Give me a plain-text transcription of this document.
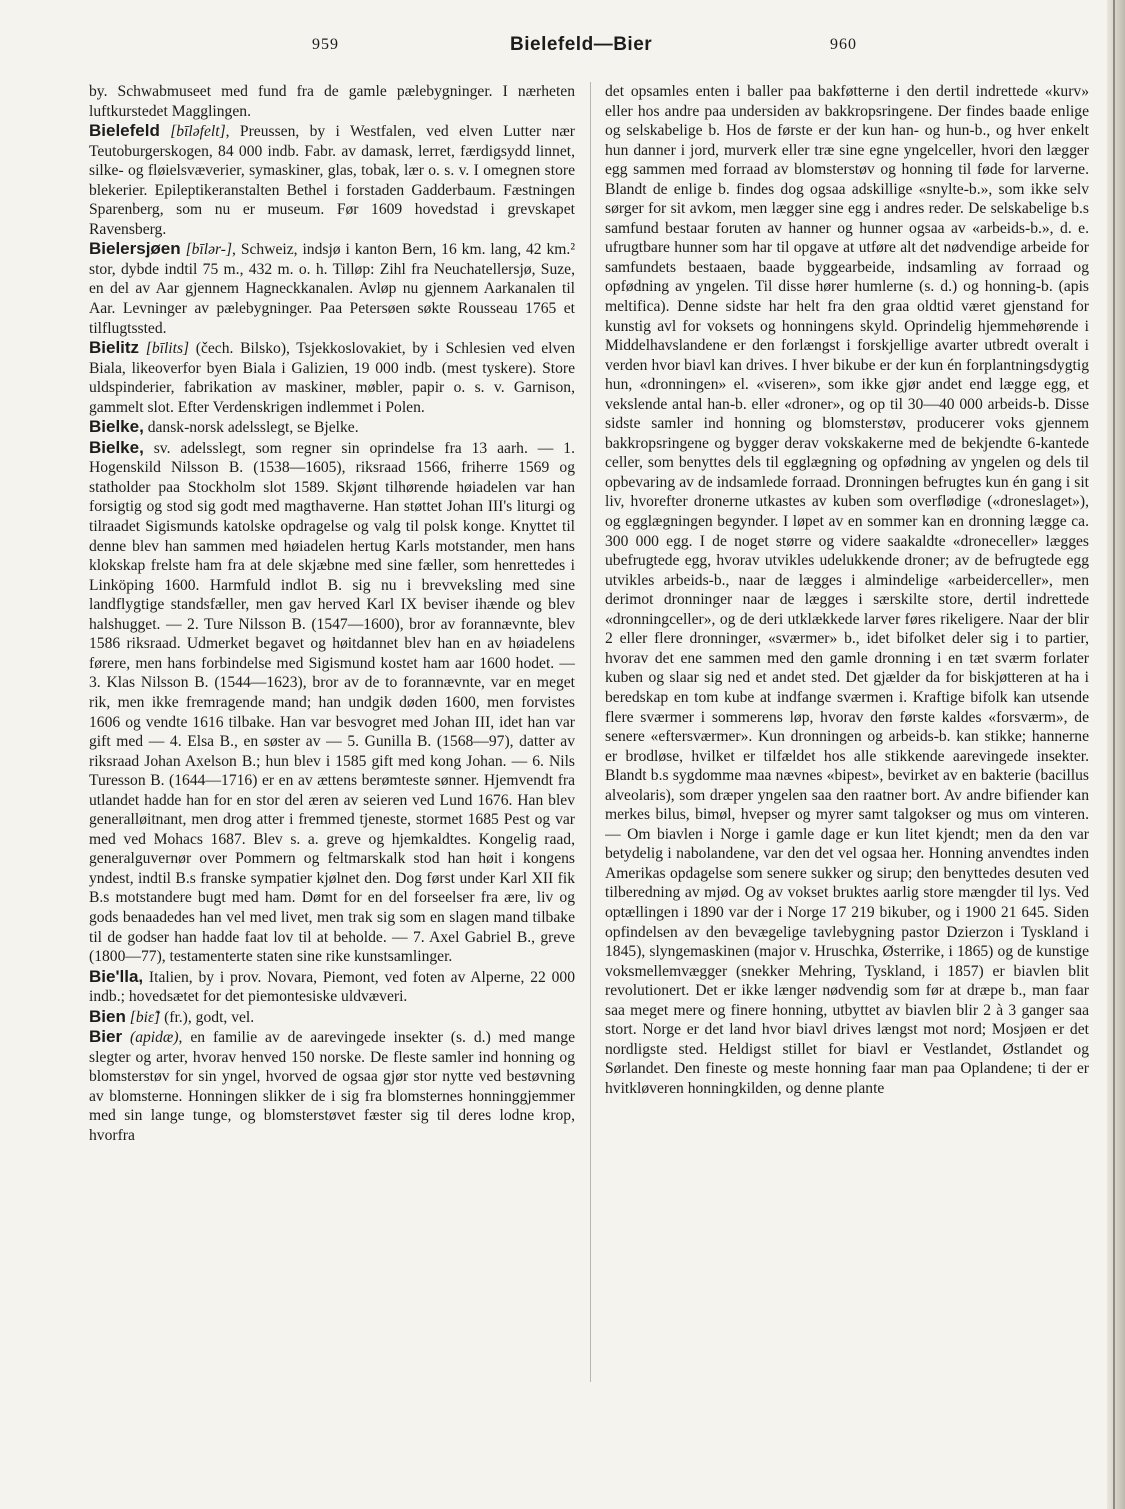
959	Bielefeld—Bier	960

by. Schwabmuseet med fund fra de gamle pælebygninger. I nærheten luftkurstedet Magglingen.

Bielefeld [bīləfelt], Preussen, by i Westfalen, ved elven Lutter nær Teutoburgerskogen, 84 000 indb. Fabr. av damask, lerret, færdigsydd linnet, silke- og fløielsvæverier, symaskiner, glas, tobak, lær o. s. v. I omegnen store blekerier. Epileptikeranstalten Bethel i forstaden Gadderbaum. Fæstningen Sparenberg, som nu er museum. Før 1609 hovedstad i grevskapet Ravensberg.

Bielersjøen [bīlər-], Schweiz, indsjø i kanton Bern, 16 km. lang, 42 km.² stor, dybde indtil 75 m., 432 m. o. h. Tilløp: Zihl fra Neuchatellersjø, Suze, en del av Aar gjennem Hagneckkanalen. Avløp nu gjennem Aarkanalen til Aar. Levninger av pælebygninger. Paa Petersøen søkte Rousseau 1765 et tilflugtssted.

Bielitz [bīlits] (čech. Bilsko), Tsjekkoslovakiet, by i Schlesien ved elven Biala, likeoverfor byen Biala i Galizien, 19 000 indb. (mest tyskere). Store uldspinderier, fabrikation av maskiner, møbler, papir o. s. v. Garnison, gammelt slot. Efter Verdenskrigen indlemmet i Polen.

Bielke, dansk-norsk adelsslegt, se Bjelke.

Bielke, sv. adelsslegt, som regner sin oprindelse fra 13 aarh. — 1. Hogenskild Nilsson B. (1538—1605), riksraad 1566, friherre 1569 og statholder paa Stockholm slot 1589. Skjønt tilhørende høiadelen var han forsigtig og stod sig godt med magthaverne. Han støttet Johan III's liturgi og tilraadet Sigismunds katolske opdragelse og valg til polsk konge. Knyttet til denne blev han sammen med høiadelen hertug Karls motstander, men hans klokskap frelste ham fra at dele skjæbne med sine fæller, som henrettedes i Linköping 1600. Harmfuld indlot B. sig nu i brevveksling med sine landflygtige standsfæller, men gav herved Karl IX beviser ihænde og blev halshugget. — 2. Ture Nilsson B. (1547—1600), bror av forannævnte, blev 1586 riksraad. Udmerket begavet og høitdannet blev han en av høiadelens førere, men hans forbindelse med Sigismund kostet ham aar 1600 hodet. — 3. Klas Nilsson B. (1544—1623), bror av de to forannævnte, var en meget rik, men ikke fremragende mand; han undgik døden 1600, men forvistes 1606 og vendte 1616 tilbake. Han var besvogret med Johan III, idet han var gift med — 4. Elsa B., en søster av — 5. Gunilla B. (1568—97), datter av riksraad Johan Axelson B.; hun blev i 1585 gift med kong Johan. — 6. Nils Turesson B. (1644—1716) er en av ættens berømteste sønner. Hjemvendt fra utlandet hadde han for en stor del æren av seieren ved Lund 1676. Han blev generalløitnant, men drog atter i fremmed tjeneste, stormet 1685 Pest og var med ved Mohacs 1687. Blev s. a. greve og hjemkaldtes. Kongelig raad, generalguvernør over Pommern og feltmarskalk stod han høit i kongens yndest, indtil B.s franske sympatier kjølnet den. Dog først under Karl XII fik B.s motstandere bugt med ham. Dømt for en del forseelser fra ære, liv og gods benaadedes han vel med livet, men trak sig som en slagen mand tilbake til de godser han hadde faat lov til at beholde. — 7. Axel Gabriel B., greve (1800—77), testamenterte staten sine rike kunstsamlinger.

Bie'lla, Italien, by i prov. Novara, Piemont, ved foten av Alperne, 22 000 indb.; hovedsætet for det piemontesiske uldvæveri.

Bien [biɛ̃] (fr.), godt, vel.

Bier (apidæ), en familie av de aarevingede insekter (s. d.) med mange slegter og arter, hvorav henved 150 norske. De fleste samler ind honning og blomsterstøv for sin yngel, hvorved de ogsaa gjør stor nytte ved bestøvning av blomsterne. Honningen slikker de i sig fra blomsternes honninggjemmer med sin lange tunge, og blomsterstøvet fæster sig til deres lodne krop, hvorfra

det opsamles enten i baller paa bakføtterne i den dertil indrettede «kurv» eller hos andre paa undersiden av bakkropsringene. Der findes baade enlige og selskabelige b. Hos de første er der kun han- og hun-b., og hver enkelt hun danner i jord, murverk eller træ sine egne yngelceller, hvori den lægger egg sammen med forraad av blomsterstøv og honning til føde for larverne. Blandt de enlige b. findes dog ogsaa adskillige «snylte-b.», som ikke selv sørger for sit avkom, men lægger sine egg i andres reder. De selskabelige b.s samfund bestaar foruten av hanner og hunner ogsaa av «arbeids-b.», d. e. ufrugtbare hunner som har til opgave at utføre alt det nødvendige arbeide for samfundets bestaaen, baade byggearbeide, indsamling av forraad og opfødning av yngelen. Til disse hører humlerne (s. d.) og honning-b. (apis meltifica). Denne sidste har helt fra den graa oldtid været gjenstand for kunstig avl for voksets og honningens skyld. Oprindelig hjemmehørende i Middelhavslandene er den forlængst i forskjellige avarter utbredt overalt i verden hvor biavl kan drives. I hver bikube er der kun én forplantningsdygtig hun, «dronningen» el. «viseren», som ikke gjør andet end lægge egg, et vekslende antal han-b. eller «droner», og op til 30—40 000 arbeids-b. Disse sidste samler ind honning og blomsterstøv, producerer voks gjennem bakkropsringene og bygger derav vokskakerne med de bekjendte 6-kantede celler, som benyttes dels til egglægning og opfødning av yngelen og dels til opbevaring av de indsamlede forraad. Dronningen befrugtes kun én gang i sit liv, hvorefter dronerne utkastes av kuben som overflødige («droneslaget»), og egglægningen begynder. I løpet av en sommer kan en dronning lægge ca. 300 000 egg. I de noget større og videre saakaldte «droneceller» lægges ubefrugtede egg, hvorav utvikles udelukkende droner; av de befrugtede egg utvikles arbeids-b., naar de lægges i almindelige «arbeiderceller», men derimot dronninger naar de lægges i særskilte store, dertil indrettede «dronningceller», og de deri utklækkede larver føres rikeligere. Naar der blir 2 eller flere dronninger, «sværmer» b., idet bifolket deler sig i to partier, hvorav det ene sammen med den gamle dronning i en tæt sværm forlater kuben og slaar sig ned et andet sted. Det gjælder da for biskjøtteren at ha i beredskap en tom kube at indfange sværmen i. Kraftige bifolk kan utsende flere sværmer i sommerens løp, hvorav den første kaldes «forsværm», de senere «eftersværmer». Kun dronningen og arbeids-b. kan stikke; hannerne er brodløse, hvilket er tilfældet hos alle stikkende aarevingede insekter. Blandt b.s sygdomme maa nævnes «bipest», bevirket av en bakterie (bacillus alveolaris), som dræper yngelen saa den raatner bort. Av andre bifiender kan merkes bilus, bimøl, hvepser og myrer samt talgokser og mus om vinteren. — Om biavlen i Norge i gamle dage er kun litet kjendt; men da den var betydelig i nabolandene, var den det vel ogsaa her. Honning anvendtes inden Amerikas opdagelse som senere sukker og sirup; den benyttedes desuten ved tilberedning av mjød. Og av vokset bruktes aarlig store mængder til lys. Ved optællingen i 1890 var der i Norge 17 219 bikuber, og i 1900 21 645. Siden opfindelsen av den bevægelige tavlebygning pastor Dzierzon i Tyskland i 1845), slyngemaskinen (major v. Hruschka, Østerrike, i 1865) og de kunstige voksmellemvægger (snekker Mehring, Tyskland, i 1857) er biavlen blit revolutionert. Det er ikke længer nødvendig som før at dræpe b., man faar saa meget mere og finere honning, utbyttet av biavlen blir 2 à 3 ganger saa stort. Norge er det land hvor biavl drives længst mot nord; Mosjøen er det nordligste sted. Heldigst stillet for biavl er Vestlandet, Østlandet og Sørlandet. Den fineste og meste honning faar man paa Oplandene; ti der er hvitkløveren honningkilden, og denne plante
